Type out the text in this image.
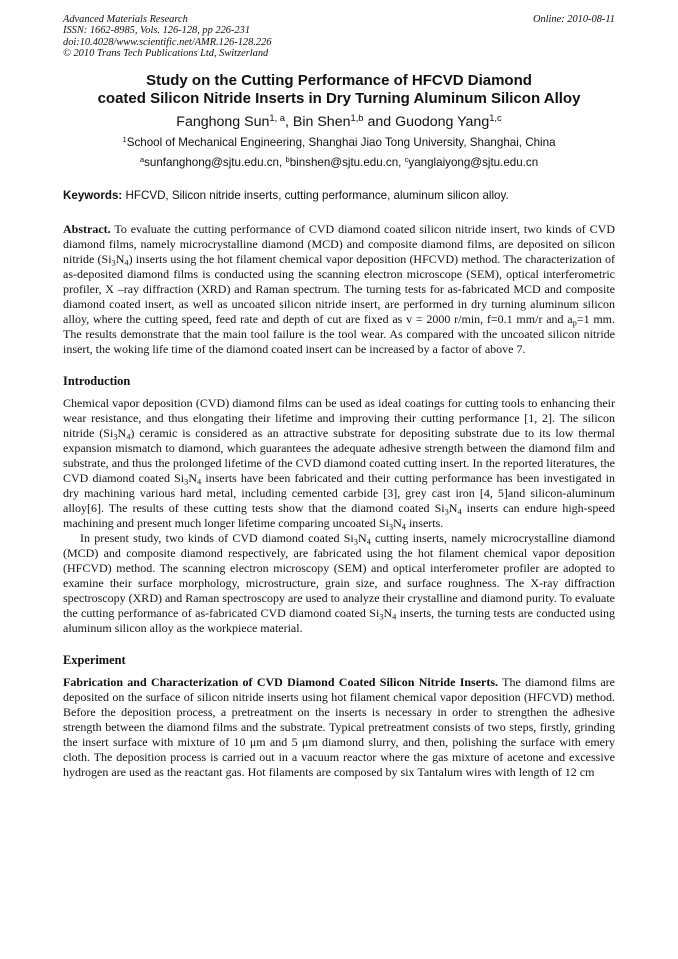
Advanced Materials Research
ISSN: 1662-8985, Vols. 126-128, pp 226-231
doi:10.4028/www.scientific.net/AMR.126-128.226
© 2010 Trans Tech Publications Ltd, Switzerland
Online: 2010-08-11
Study on the Cutting Performance of HFCVD Diamond
coated Silicon Nitride Inserts in Dry Turning Aluminum Silicon Alloy
Fanghong Sun$^{1, a}$, Bin Shen$^{1,b}$ and Guodong Yang$^{1,c}$
$^1$School of Mechanical Engineering, Shanghai Jiao Tong University, Shanghai, China
$^a$sunfanghong@sjtu.edu.cn, $^b$binshen@sjtu.edu.cn, $^c$yanglaiyong@sjtu.edu.cn
Keywords: HFCVD, Silicon nitride inserts, cutting performance, aluminum silicon alloy.

Abstract. To evaluate the cutting performance of CVD diamond coated silicon nitride insert, two kinds of CVD diamond films, namely microcrystalline diamond (MCD) and composite diamond films, are deposited on silicon nitride $(Si_3N_4)$ inserts using the hot filament chemical vapor deposition (HFCVD) method. The characterization of as-deposited diamond films is conducted using the scanning electron microscope (SEM), optical interferometric profiler, X –ray diffraction (XRD) and Raman spectrum. The turning tests for as-fabricated MCD and composite diamond coated insert, as well as uncoated silicon nitride insert, are performed in dry turning aluminum silicon alloy, where the cutting speed, feed rate and depth of cut are fixed as v = 2000 r/min, f=0.1 mm/r and $a_p=1$ mm. The results demonstrate that the main tool failure is the tool wear. As compared with the uncoated silicon nitride insert, the woking life time of the diamond coated insert can be increased by a factor of above 7.

Introduction

Chemical vapor deposition (CVD) diamond films can be used as ideal coatings for cutting tools to enhancing their wear resistance, and thus elongating their lifetime and improving their cutting performance [1, 2]. The silicon nitride $(Si_3N_4)$ ceramic is considered as an attractive substrate for depositing substrate due to its low thermal expansion mismatch to diamond, which guarantees the adequate adhesive strength between the diamond film and substrate, and thus the prolonged lifetime of the CVD diamond coated cutting insert. In the reported literatures, the CVD diamond coated $Si_3N_4$ inserts have been fabricated and their cutting performance has been investigated in dry machining various hard metal, including cemented carbide [3], grey cast iron [4, 5]and silicon-aluminum alloy[6]. The results of these cutting tests show that the diamond coated $Si_3N_4$ inserts can endure high-speed machining and present much longer lifetime comparing uncoated $Si_3N_4$ inserts.

In present study, two kinds of CVD diamond coated $Si_3N_4$ cutting inserts, namely microcrystalline diamond (MCD) and composite diamond respectively, are fabricated using the hot filament chemical vapor deposition (HFCVD) method. The scanning electron microscopy (SEM) and optical interferometer profiler are adopted to examine their surface morphology, microstructure, grain size, and surface roughness. The X-ray diffraction spectroscopy (XRD) and Raman spectroscopy are used to analyze their crystalline and diamond purity. To evaluate the cutting performance of as-fabricated CVD diamond coated $Si_3N_4$ inserts, the turning tests are conducted using aluminum silicon alloy as the workpiece material.

Experiment

Fabrication and Characterization of CVD Diamond Coated Silicon Nitride Inserts. The diamond films are deposited on the surface of silicon nitride inserts using hot filament chemical vapor deposition (HFCVD) method. Before the deposition process, a pretreatment on the inserts is necessary in order to strengthen the adhesive strength between the diamond films and the substrate. Typical pretreatment consists of two steps, firstly, grinding the insert surface with mixture of 10 μm and 5 μm diamond slurry, and then, polishing the surface with emery cloth. The deposition process is carried out in a vacuum reactor where the gas mixture of acetone and excessive hydrogen are used as the reactant gas. Hot filaments are composed by six Tantalum wires with length of 12 cm
